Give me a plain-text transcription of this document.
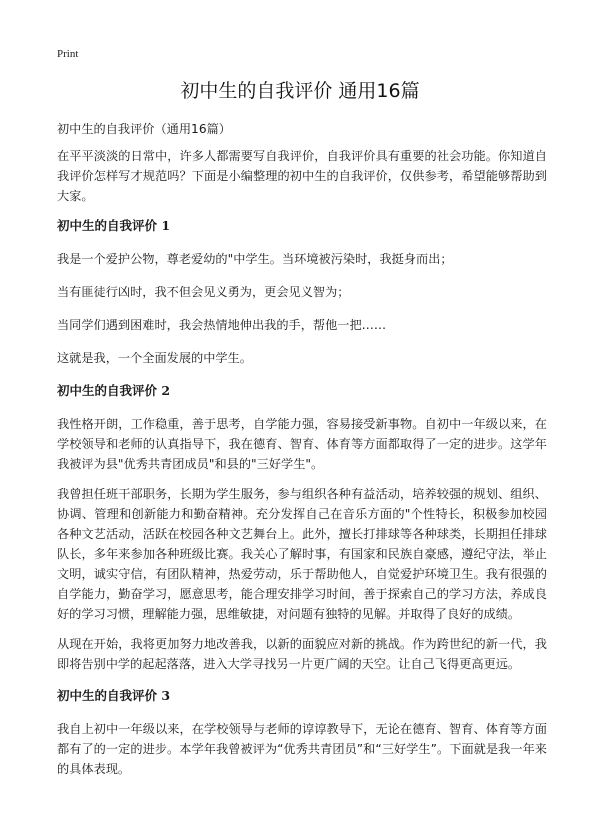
Print
初中生的自我评价 通用16篇
初中生的自我评价（通用16篇）
在平平淡淡的日常中，许多人都需要写自我评价，自我评价具有重要的社会功能。你知道自我评价怎样写才规范吗？下面是小编整理的初中生的自我评价，仅供参考，希望能够帮助到大家。
初中生的自我评价 1
我是一个爱护公物，尊老爱幼的"中学生。当环境被污染时，我挺身而出；
当有匪徒行凶时，我不但会见义勇为，更会见义智为；
当同学们遇到困难时，我会热情地伸出我的手，帮他一把……
这就是我，一个全面发展的中学生。
初中生的自我评价 2
我性格开朗，工作稳重，善于思考，自学能力强，容易接受新事物。自初中一年级以来，在学校领导和老师的认真指导下，我在德育、智育、体育等方面都取得了一定的进步。这学年我被评为县"优秀共青团成员"和县的"三好学生"。
我曾担任班干部职务，长期为学生服务，参与组织各种有益活动，培养较强的规划、组织、协调、管理和创新能力和勤奋精神。充分发挥自己在音乐方面的"个性特长，积极参加校园各种文艺活动，活跃在校园各种文艺舞台上。此外，擅长打排球等各种球类，长期担任排球队长，多年来参加各种班级比赛。我关心了解时事，有国家和民族自豪感，遵纪守法，举止文明，诚实守信，有团队精神，热爱劳动，乐于帮助他人，自觉爱护环境卫生。我有很强的自学能力，勤奋学习，愿意思考，能合理安排学习时间，善于探索自己的学习方法，养成良好的学习习惯，理解能力强，思维敏捷，对问题有独特的见解。并取得了良好的成绩。
从现在开始，我将更加努力地改善我，以新的面貌应对新的挑战。作为跨世纪的新一代，我即将告别中学的起起落落，进入大学寻找另一片更广阔的天空。让自己飞得更高更远。
初中生的自我评价 3
我自上初中一年级以来，在学校领导与老师的谆谆教导下，无论在德育、智育、体育等方面都有了的一定的进步。本学年我曾被评为“优秀共青团员”和“三好学生”。下面就是我一年来的具体表现。
